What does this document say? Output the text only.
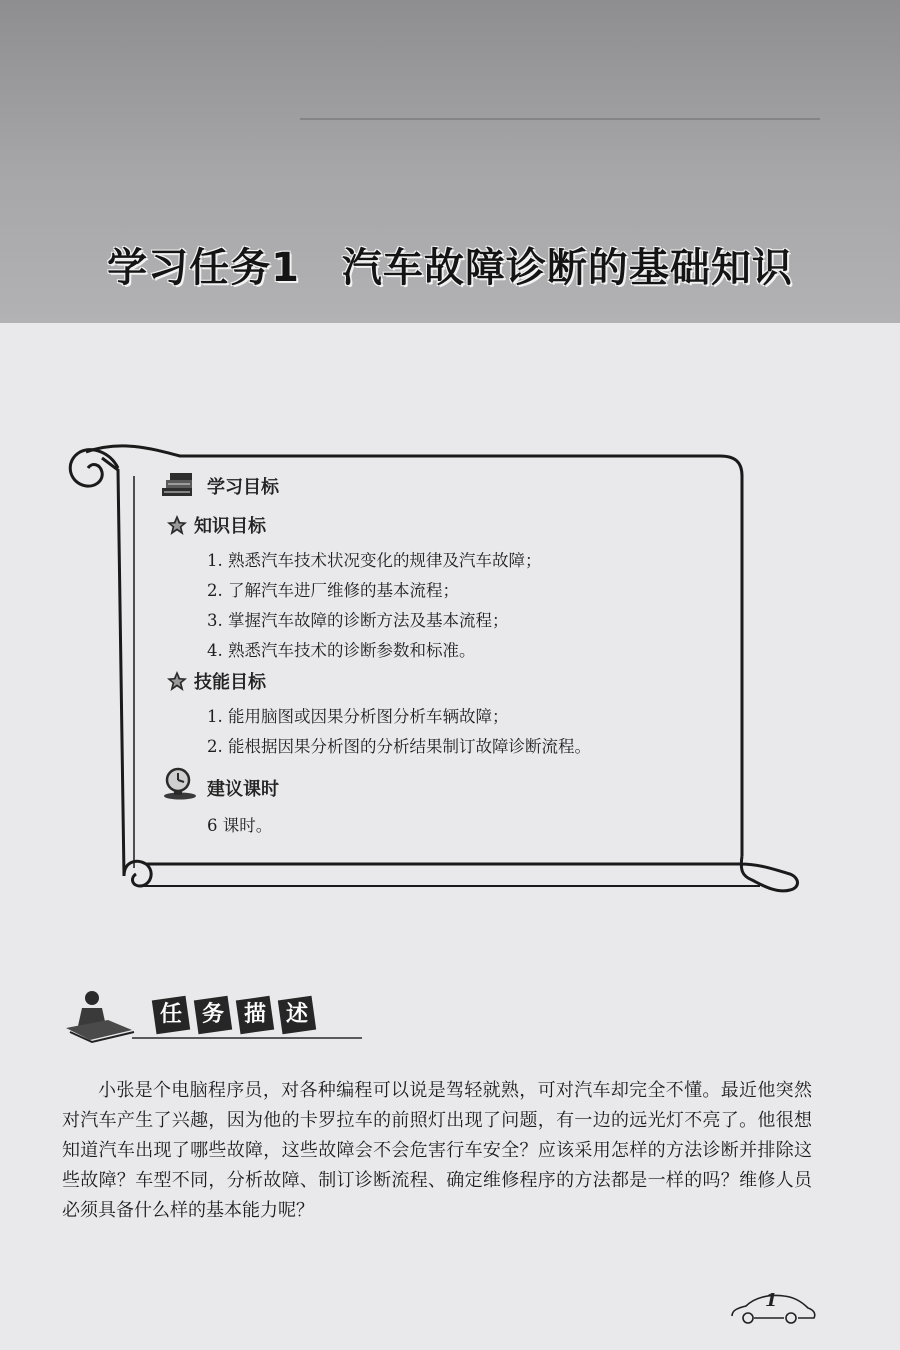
学习任务1 汽车故障诊断的基础知识
学习目标
知识目标
1. 熟悉汽车技术状况变化的规律及汽车故障；
2. 了解汽车进厂维修的基本流程；
3. 掌握汽车故障的诊断方法及基本流程；
4. 熟悉汽车技术的诊断参数和标准。
技能目标
1. 能用脑图或因果分析图分析车辆故障；
2. 能根据因果分析图的分析结果制订故障诊断流程。
建议课时
6 课时。
任 务 描 述
小张是个电脑程序员，对各种编程可以说是驾轻就熟，可对汽车却完全不懂。最近他突然对汽车产生了兴趣，因为他的卡罗拉车的前照灯出现了问题，有一边的远光灯不亮了。他很想知道汽车出现了哪些故障，这些故障会不会危害行车安全？应该采用怎样的方法诊断并排除这些故障？车型不同，分析故障、制订诊断流程、确定维修程序的方法都是一样的吗？维修人员必须具备什么样的基本能力呢？
1
